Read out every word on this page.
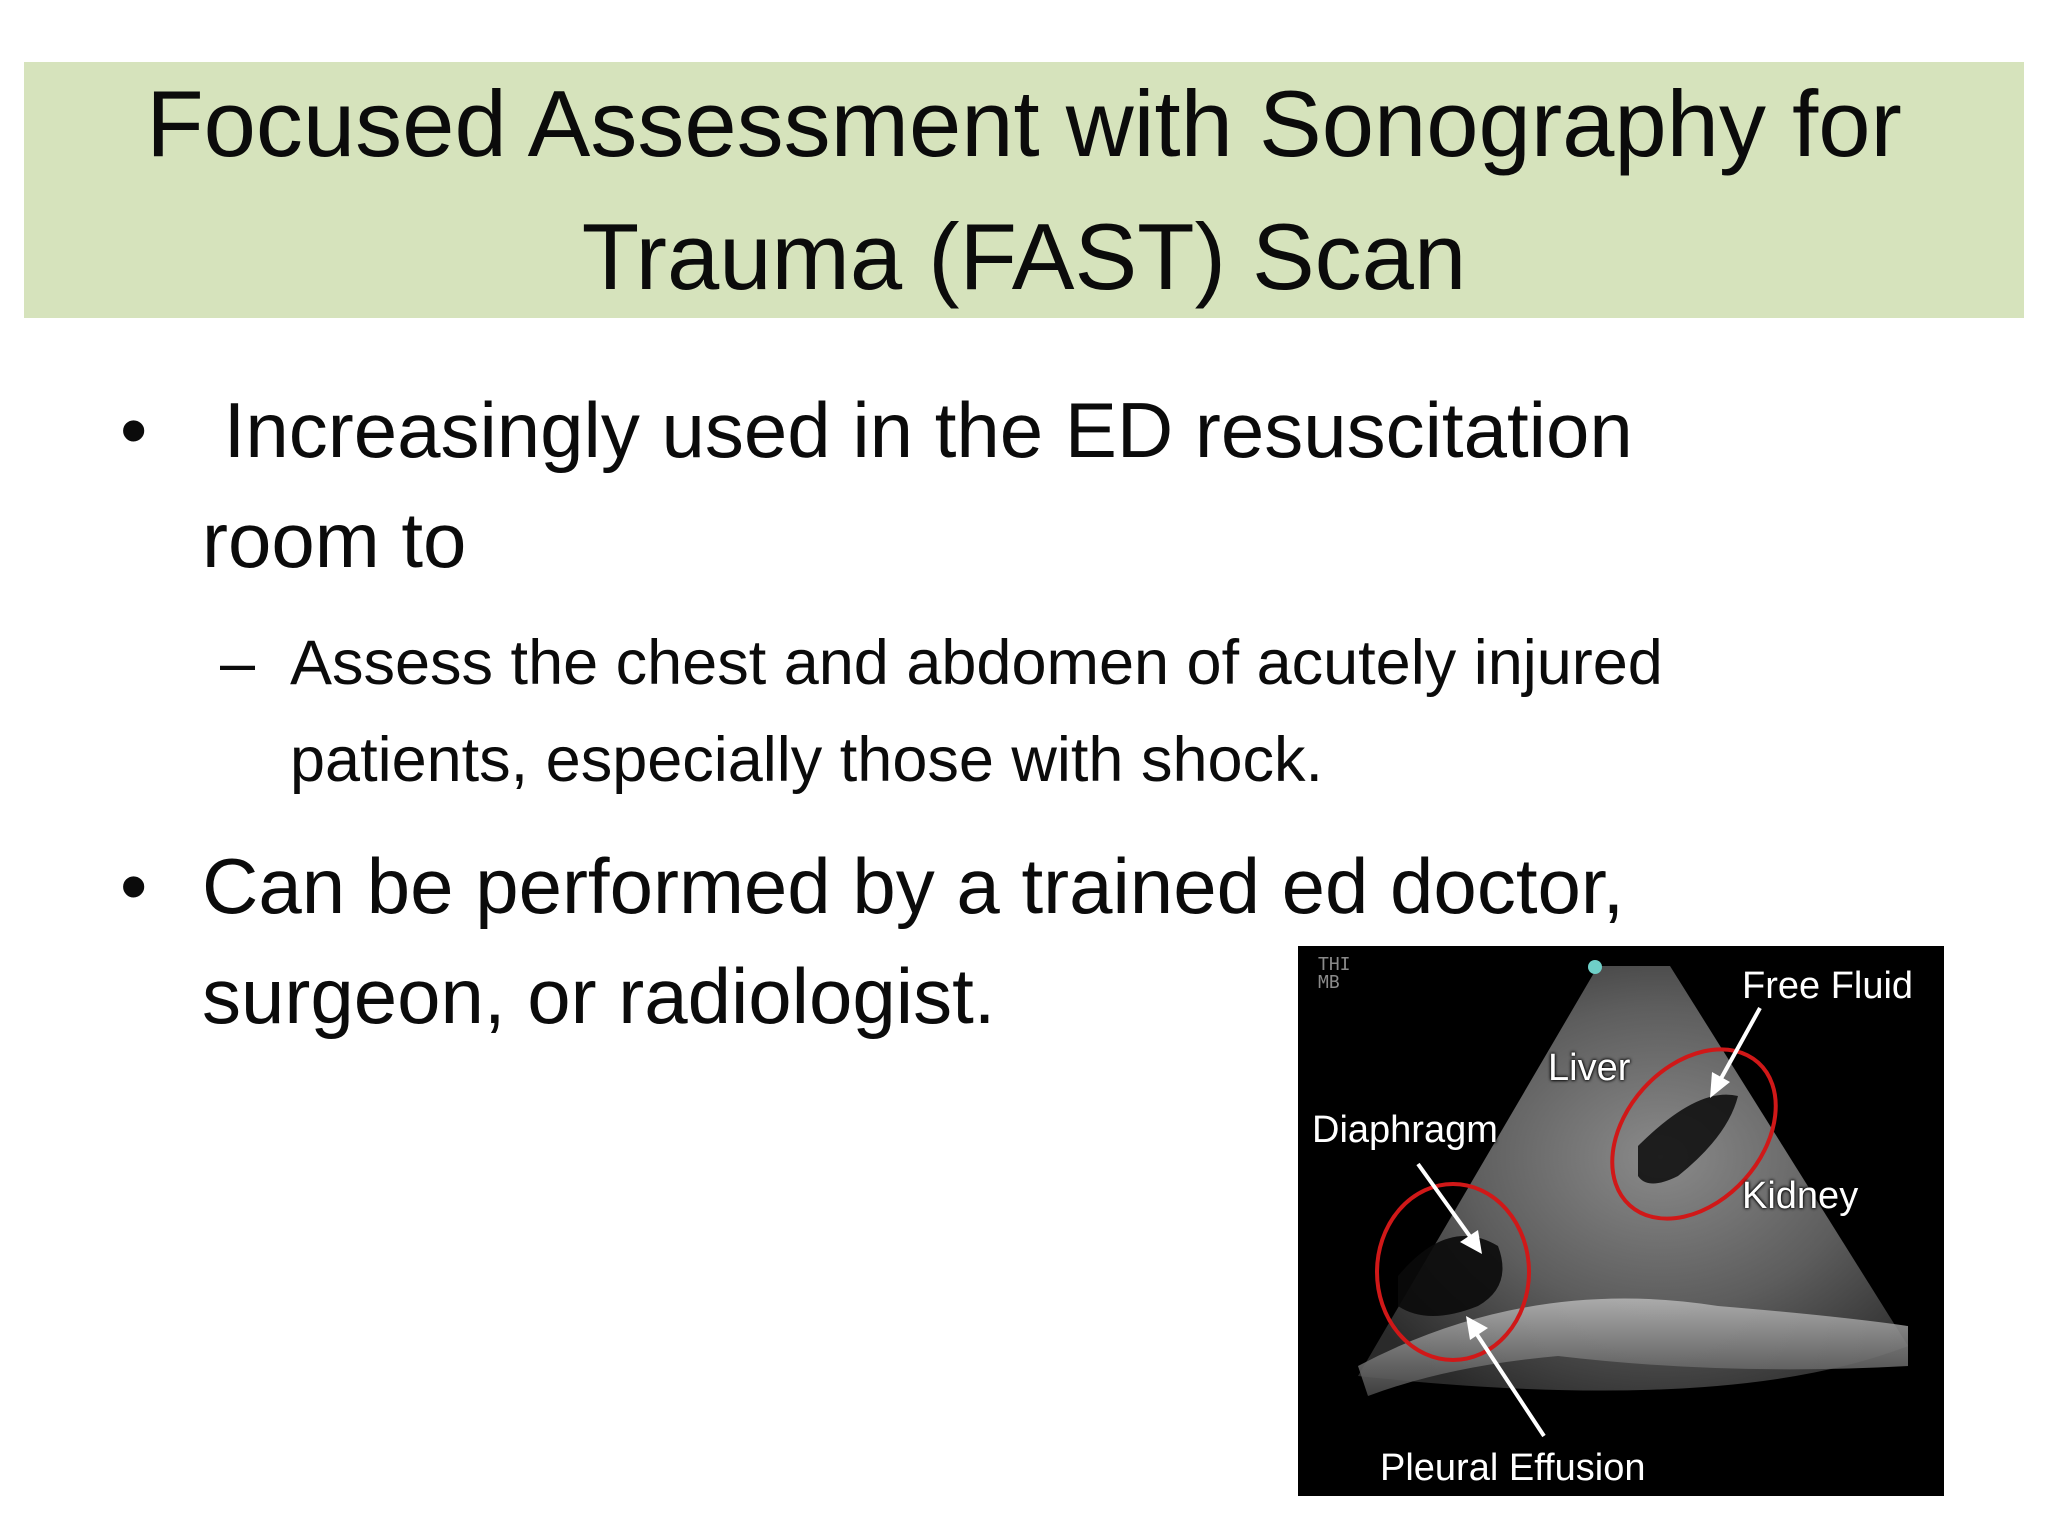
Focused Assessment with Sonography for
Trauma (FAST) Scan
• Increasingly used in the ED resuscitation
room to
– Assess the chest and abdomen of acutely injured
patients, especially those with shock.
• Can be performed by a trained ed doctor,
surgeon, or radiologist.	THI
MB	Free Fluid
Liver
Diaphragm
Kidney
Pleural Effusion
